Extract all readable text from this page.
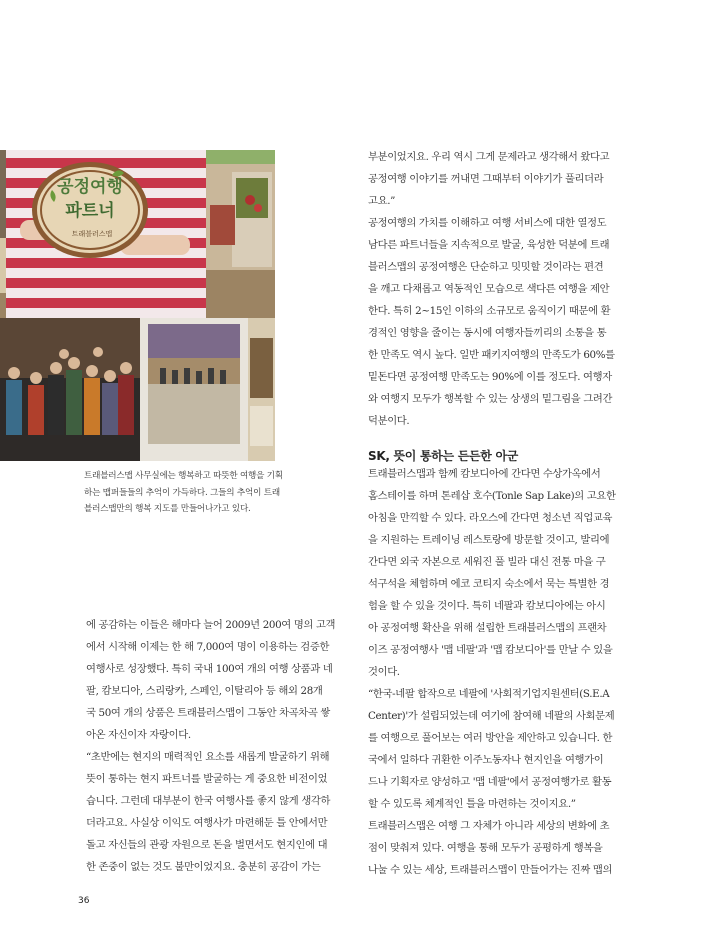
공정여행
파트너
트래블러스맵
트래블러스맵 사무실에는 행복하고 따뜻한 여행을 기획
하는 맵퍼들들의 추억이 가득하다. 그들의 추억이 트래
블러스맵만의 행복 지도를 만들어나가고 있다.

에 공감하는 이들은 해마다 늘어 2009년 200여 명의 고객

에서 시작해 이제는 한 해 7,000여 명이 이용하는 검증한

여행사로 성장했다. 특히 국내 100여 개의 여행 상품과 네

팔, 캄보디아, 스리랑카, 스페인, 이탈리아 등 해외 28개

국 50여 개의 상품은 트래블러스맵이 그동안 차곡차곡 쌓

아온 자신이자 자랑이다.

“초반에는 현지의 매력적인 요소를 새롭게 발굴하기 위해

뜻이 통하는 현지 파트너를 발굴하는 게 중요한 비전이었

습니다. 그런데 대부분이 한국 여행사를 좋지 않게 생각하

더라고요. 사실상 이익도 여행사가 마련해둔 틀 안에서만

돌고 자신들의 관광 자원으로 돈을 벌면서도 현지인에 대

한 존중이 없는 것도 불만이었지요. 충분히 공감이 가는

부분이었지요. 우리 역시 그게 문제라고 생각해서 왔다고

공정여행 이야기를 꺼내면 그때부터 이야기가 풀리더라

고요.”

공정여행의 가치를 이해하고 여행 서비스에 대한 열정도

남다른 파트너들을 지속적으로 발굴, 육성한 덕분에 트래

블러스맵의 공정여행은 단순하고 밋밋할 것이라는 편견

을 깨고 다채롭고 역동적인 모습으로 색다른 여행을 제안

한다. 특히 2~15인 이하의 소규모로 움직이기 때문에 환

경적인 영향을 줄이는 동시에 여행자들끼리의 소통을 통

한 만족도 역시 높다. 일반 패키지여행의 만족도가 60%를

밑돈다면 공정여행 만족도는 90%에 이를 정도다. 여행자

와 여행지 모두가 행복할 수 있는 상생의 밑그림을 그려간

덕분이다.

SK, 뜻이 통하는 든든한 아군

트래블러스맵과 함께 캄보디아에 간다면 수상가옥에서

홈스테이를 하며 톤레삽 호수(Tonle Sap Lake)의 고요한

아침을 만끽할 수 있다. 라오스에 간다면 청소년 직업교육

을 지원하는 트레이닝 레스토랑에 방문할 것이고, 발리에

간다면 외국 자본으로 세워진 풀 빌라 대신 전통 마을 구

석구석을 체험하며 에코 코티지 숙소에서 묵는 특별한 경

험을 할 수 있을 것이다. 특히 네팔과 캄보디아에는 아시

아 공정여행 확산을 위해 설립한 트래블러스맵의 프랜차

이즈 공정여행사 '맵 네팔'과 '맵 캄보디아'를 만날 수 있을

것이다.

“한국-네팔 합작으로 네팔에 '사회적기업지원센터(S.E.A

Center)'가 설립되었는데 여기에 참여해 네팔의 사회문제

를 여행으로 풀어보는 여러 방안을 제안하고 있습니다. 한

국에서 일하다 귀환한 이주노동자나 현지인을 여행가이

드나 기획자로 양성하고 '맵 네팔'에서 공정여행가로 활동

할 수 있도록 체계적인 틀을 마련하는 것이지요.”

트래블러스맵은 여행 그 자체가 아니라 세상의 변화에 초

점이 맞춰져 있다. 여행을 통해 모두가 공평하게 행복을

나눌 수 있는 세상, 트래블러스맵이 만들어가는 진짜 맵의

36
